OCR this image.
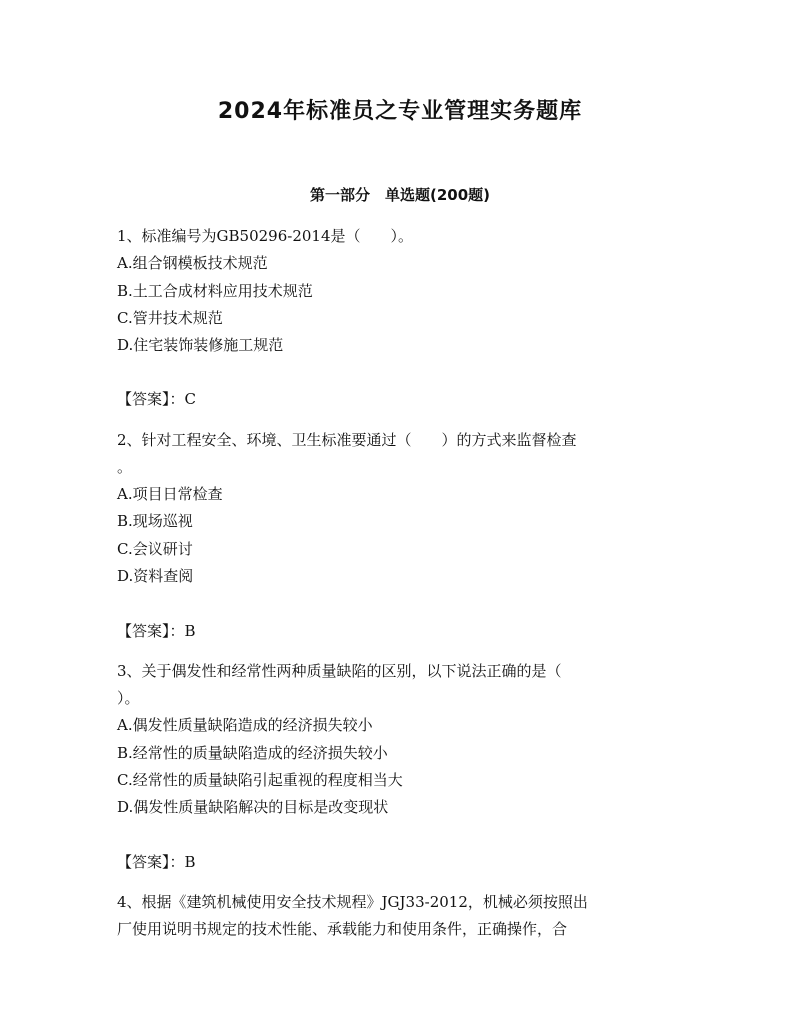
2024年标准员之专业管理实务题库
第一部分　单选题(200题)
1、标准编号为GB50296-2014是（　　）。
A.组合钢模板技术规范
B.土工合成材料应用技术规范
C.管井技术规范
D.住宅装饰装修施工规范
【答案】：C
2、针对工程安全、环境、卫生标准要通过（　　）的方式来监督检查
。
A.项目日常检查
B.现场巡视
C.会议研讨
D.资料查阅
【答案】：B
3、关于偶发性和经常性两种质量缺陷的区别，以下说法正确的是（
）。
A.偶发性质量缺陷造成的经济损失较小
B.经常性的质量缺陷造成的经济损失较小
C.经常性的质量缺陷引起重视的程度相当大
D.偶发性质量缺陷解决的目标是改变现状
【答案】：B
4、根据《建筑机械使用安全技术规程》JGJ33-2012，机械必须按照出
厂使用说明书规定的技术性能、承载能力和使用条件，正确操作，合
